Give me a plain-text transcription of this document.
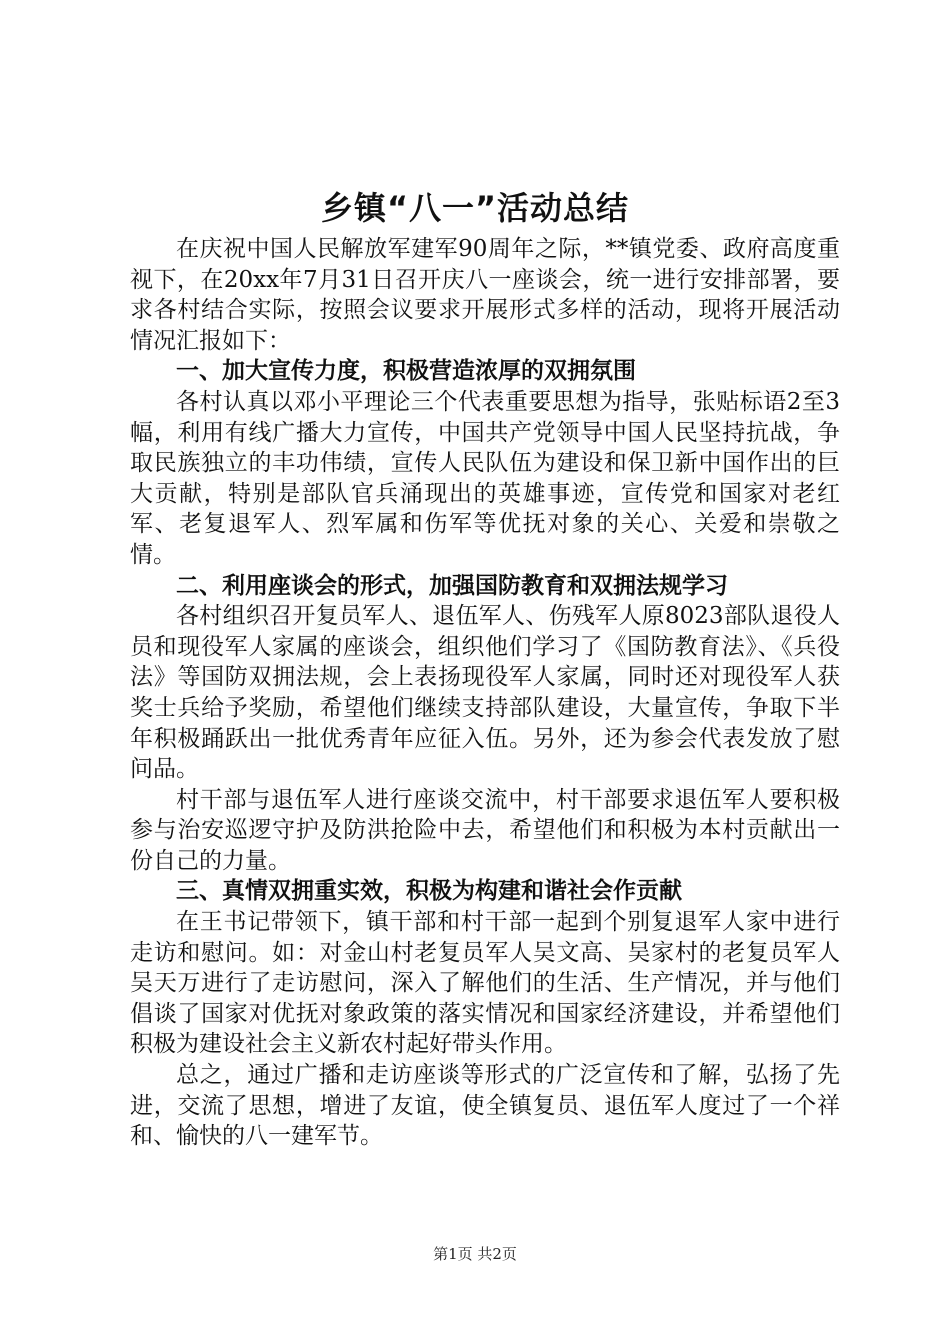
乡镇“八一”活动总结

在庆祝中国人民解放军建军90周年之际，**镇党委、政府高度重视下，在20xx年7月31日召开庆八一座谈会，统一进行安排部署，要求各村结合实际，按照会议要求开展形式多样的活动，现将开展活动情况汇报如下：

一、加大宣传力度，积极营造浓厚的双拥氛围

各村认真以邓小平理论三个代表重要思想为指导，张贴标语2至3幅，利用有线广播大力宣传，中国共产党领导中国人民坚持抗战，争取民族独立的丰功伟绩，宣传人民队伍为建设和保卫新中国作出的巨大贡献，特别是部队官兵涌现出的英雄事迹，宣传党和国家对老红军、老复退军人、烈军属和伤军等优抚对象的关心、关爱和崇敬之情。

二、利用座谈会的形式，加强国防教育和双拥法规学习

各村组织召开复员军人、退伍军人、伤残军人原8023部队退役人员和现役军人家属的座谈会，组织他们学习了《国防教育法》、《兵役法》等国防双拥法规，会上表扬现役军人家属，同时还对现役军人获奖士兵给予奖励，希望他们继续支持部队建设，大量宣传，争取下半年积极踊跃出一批优秀青年应征入伍。另外，还为参会代表发放了慰问品。

村干部与退伍军人进行座谈交流中，村干部要求退伍军人要积极参与治安巡逻守护及防洪抢险中去，希望他们和积极为本村贡献出一份自己的力量。

三、真情双拥重实效，积极为构建和谐社会作贡献

在王书记带领下，镇干部和村干部一起到个别复退军人家中进行走访和慰问。如：对金山村老复员军人吴文高、吴家村的老复员军人吴天万进行了走访慰问，深入了解他们的生活、生产情况，并与他们倡谈了国家对优抚对象政策的落实情况和国家经济建设，并希望他们积极为建设社会主义新农村起好带头作用。

总之，通过广播和走访座谈等形式的广泛宣传和了解，弘扬了先进，交流了思想，增进了友谊，使全镇复员、退伍军人度过了一个祥和、愉快的八一建军节。

第1页 共2页
